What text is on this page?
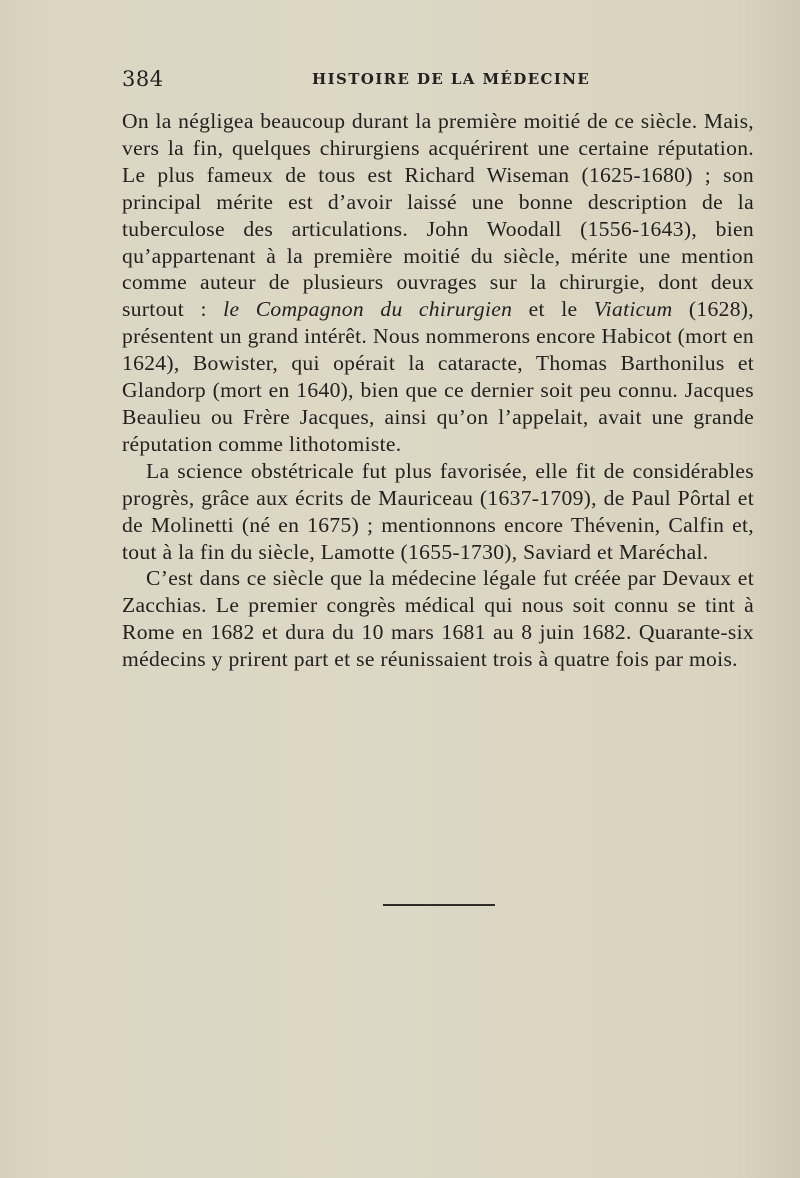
384	HISTOIRE DE LA MÉDECINE

On la négligea beaucoup durant la première moitié de ce siècle. Mais, vers la fin, quelques chirurgiens acquérirent une certaine réputation. Le plus fameux de tous est Richard Wiseman (1625-1680) ; son principal mérite est d’avoir laissé une bonne description de la tuberculose des articulations. John Woodall (1556-1643), bien qu’appartenant à la première moitié du siècle, mérite une mention comme auteur de plusieurs ouvrages sur la chirurgie, dont deux surtout : le Compagnon du chirurgien et le Viaticum (1628), présentent un grand intérêt. Nous nommerons encore Habicot (mort en 1624), Bowister, qui opérait la cataracte, Thomas Barthonilus et Glandorp (mort en 1640), bien que ce dernier soit peu connu. Jacques Beaulieu ou Frère Jacques, ainsi qu’on l’appelait, avait une grande réputation comme lithotomiste.

La science obstétricale fut plus favorisée, elle fit de considérables progrès, grâce aux écrits de Mauriceau (1637-1709), de Paul Pôrtal et de Molinetti (né en 1675) ; mentionnons encore Thévenin, Calfin et, tout à la fin du siècle, Lamotte (1655-1730), Saviard et Maréchal.

C’est dans ce siècle que la médecine légale fut créée par Devaux et Zacchias. Le premier congrès médical qui nous soit connu se tint à Rome en 1682 et dura du 10 mars 1681 au 8 juin 1682. Quarante-six médecins y prirent part et se réunissaient trois à quatre fois par mois.
